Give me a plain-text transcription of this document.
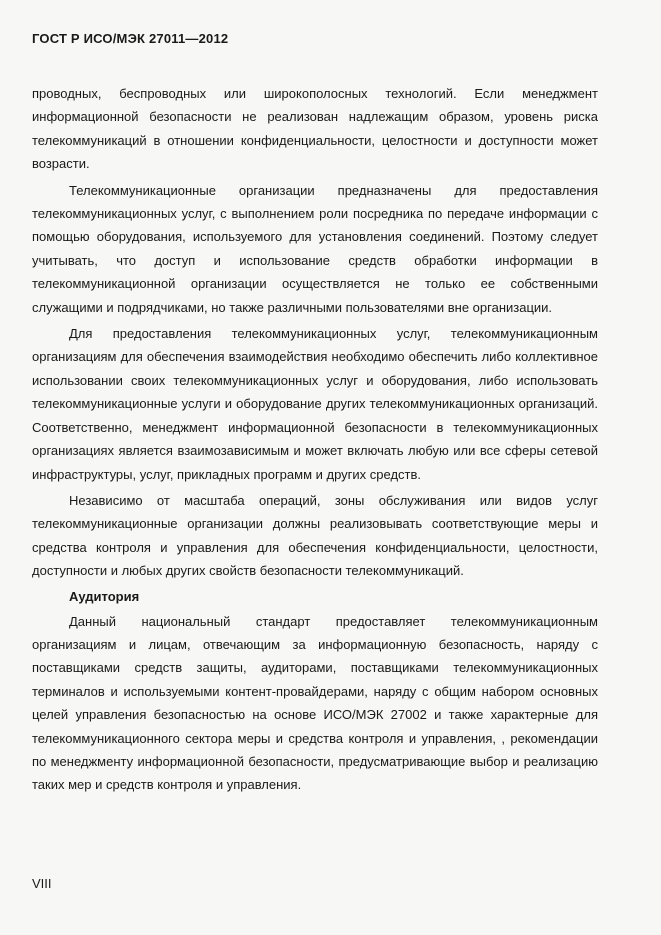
ГОСТ Р ИСО/МЭК 27011—2012

проводных, беспроводных или широкополосных технологий. Если менеджмент информационной безопасности не реализован надлежащим образом, уровень риска телекоммуникаций в отношении конфиденциальности, целостности и доступности может возрасти.

Телекоммуникационные организации предназначены для предоставления телекоммуникационных услуг, с выполнением роли посредника по передаче информации с помощью оборудования, используемого для установления соединений. Поэтому следует учитывать, что доступ и использование средств обработки информации в телекоммуникационной организации осуществляется не только ее собственными служащими и подрядчиками, но также различными пользователями вне организации.

Для предоставления телекоммуникационных услуг, телекоммуникационным организациям для обеспечения взаимодействия необходимо обеспечить либо коллективное использовании своих телекоммуникационных услуг и оборудования, либо использовать телекоммуникационные услуги и оборудование других телекоммуникационных организаций. Соответственно, менеджмент информационной безопасности в телекоммуникационных организациях является взаимозависимым и может включать любую или все сферы сетевой инфраструктуры, услуг, прикладных программ и других средств.

Независимо от масштаба операций, зоны обслуживания или видов услуг телекоммуникационные организации должны реализовывать соответствующие меры и средства контроля и управления для обеспечения конфиденциальности, целостности, доступности и любых других свойств безопасности телекоммуникаций.

Аудитория

Данный национальный стандарт предоставляет телекоммуникационным организациям и лицам, отвечающим за информационную безопасность, наряду с поставщиками средств защиты, аудиторами, поставщиками телекоммуникационных терминалов и используемыми контент-провайдерами, наряду с общим набором основных целей управления безопасностью на основе ИСО/МЭК 27002 и также характерные для телекоммуникационного сектора меры и средства контроля и управления, , рекомендации по менеджменту информационной безопасности, предусматривающие выбор и реализацию таких мер и средств контроля и управления.

VIII
